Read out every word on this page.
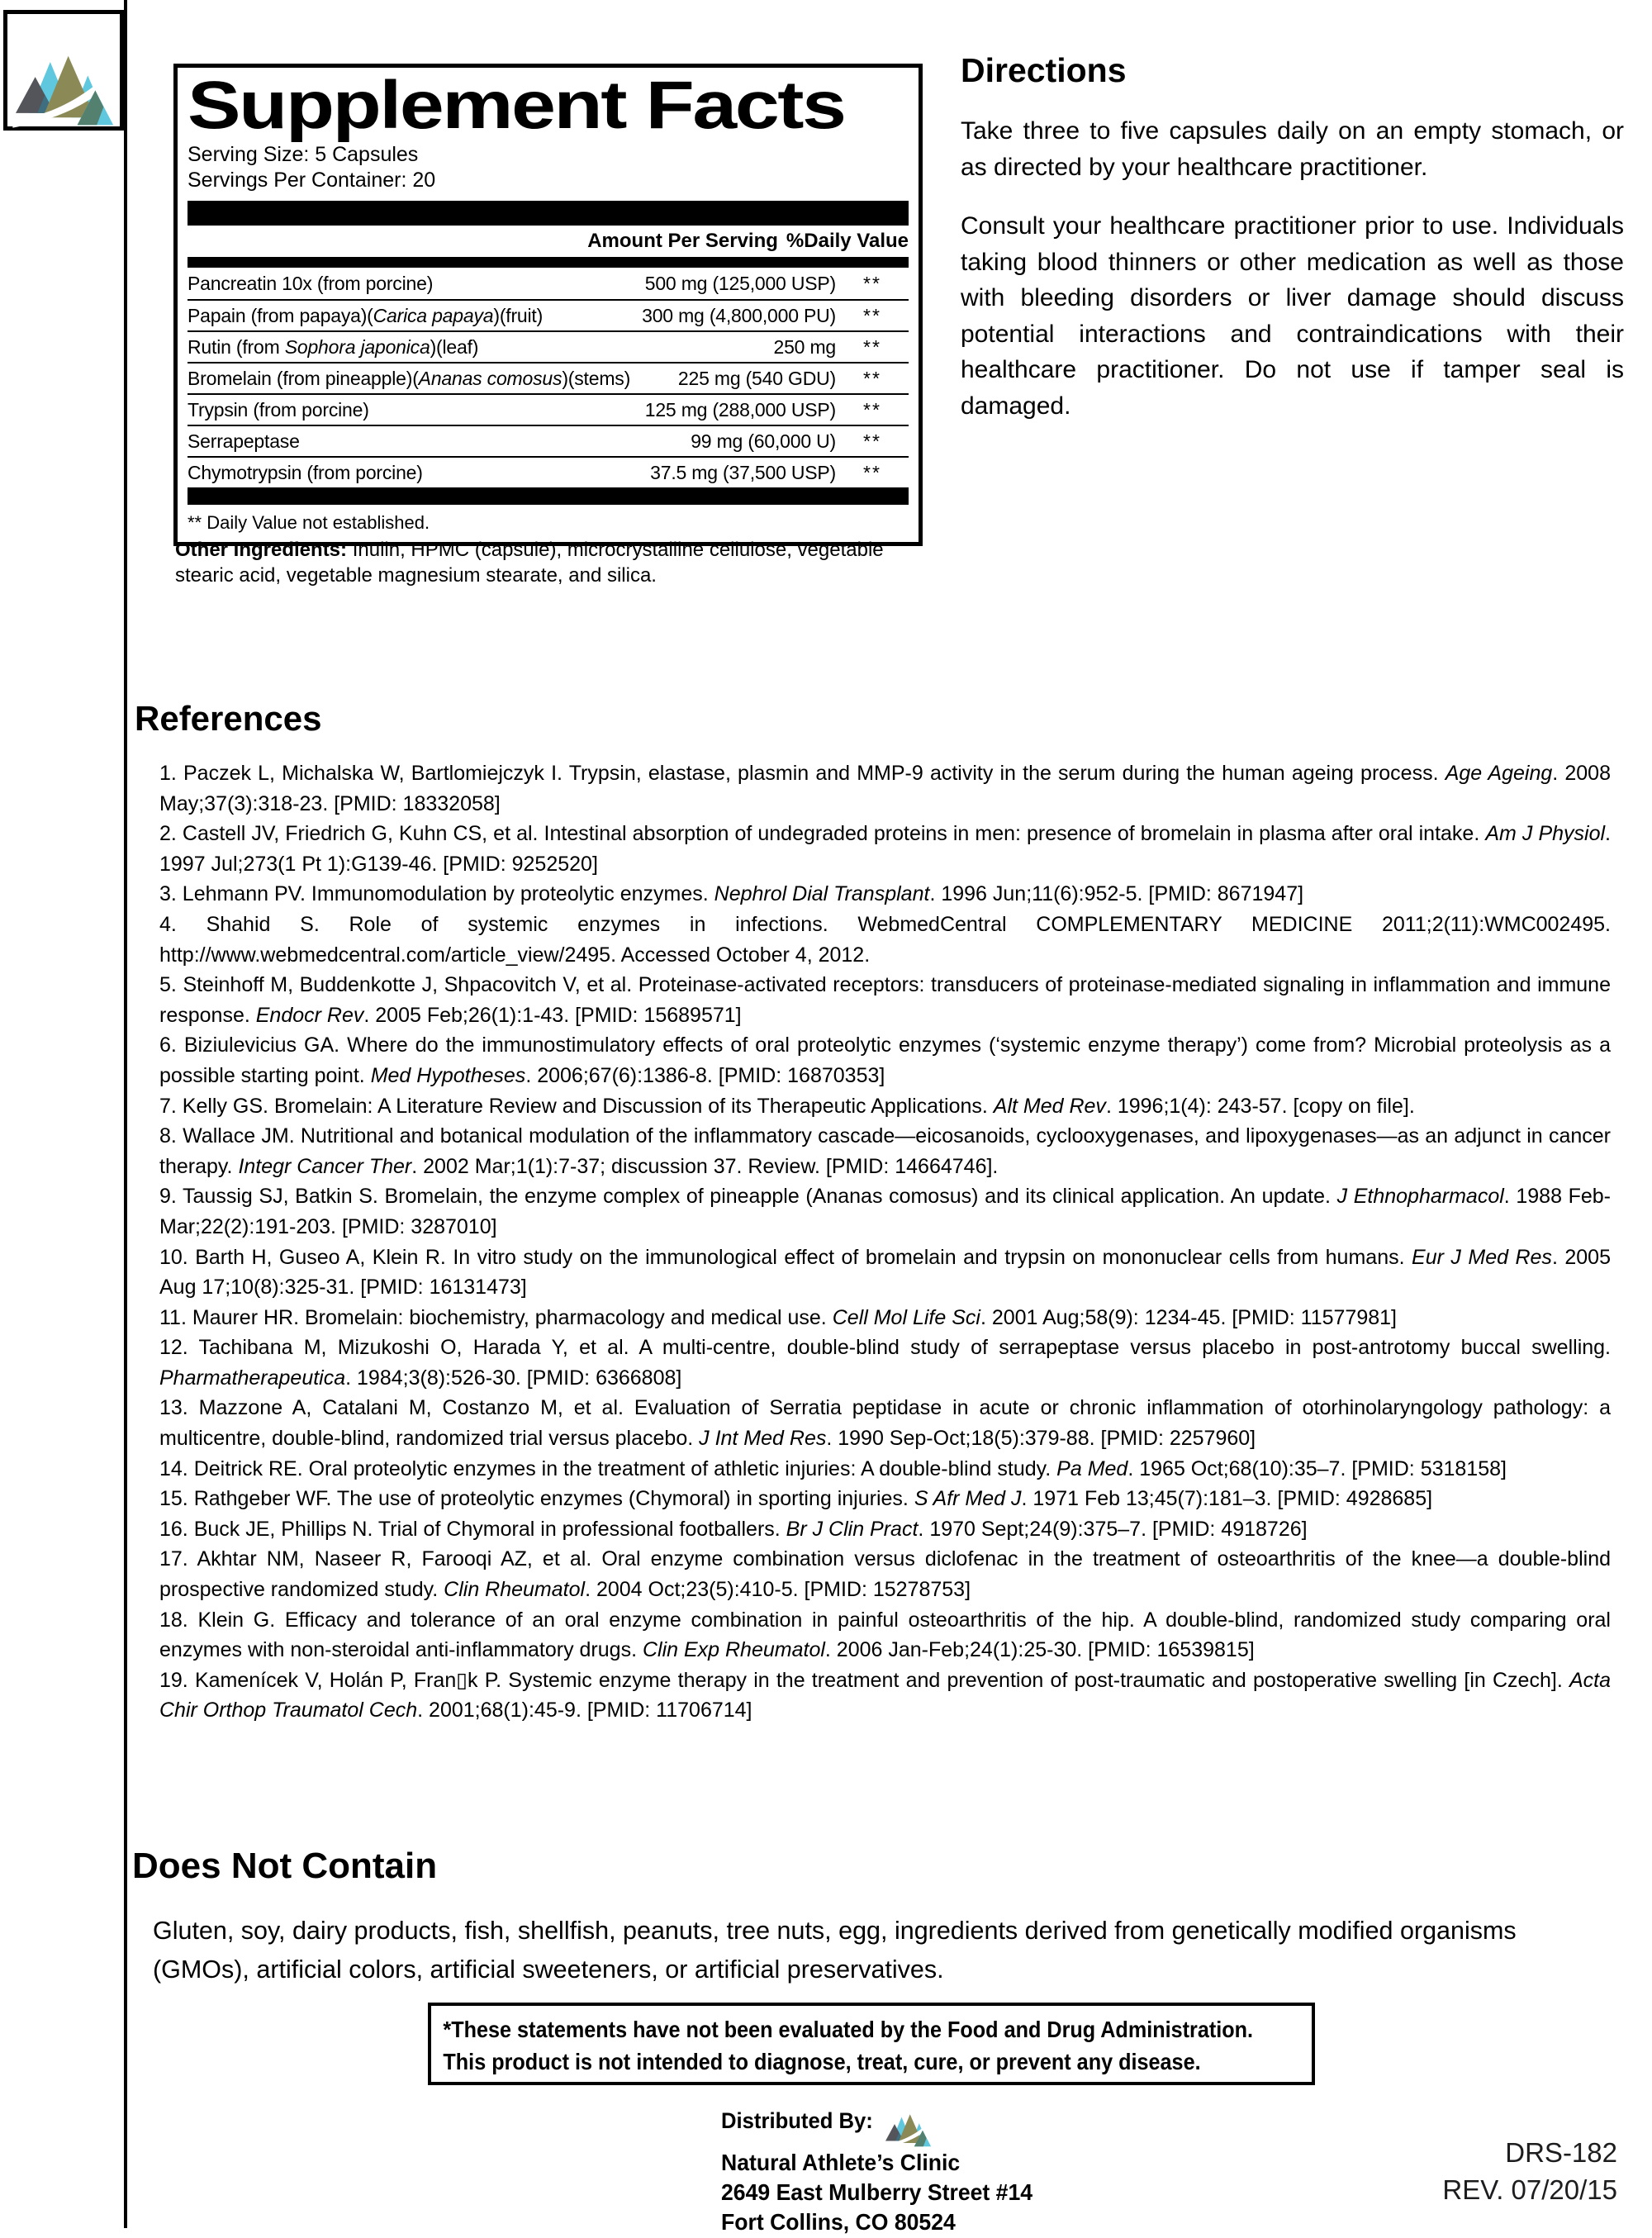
Supplement Facts
Serving Size: 5 Capsules
Servings Per Container: 20
Amount Per Serving %Daily Value
Pancreatin 10x (from porcine)	500 mg (125,000 USP)	**
Papain (from papaya)(Carica papaya)(fruit)	300 mg (4,800,000 PU)	**
Rutin (from Sophora japonica)(leaf)	250 mg	**
Bromelain (from pineapple)(Ananas comosus)(stems)	225 mg (540 GDU)	**
Trypsin (from porcine)	125 mg (288,000 USP)	**
Serrapeptase	99 mg (60,000 U)	**
Chymotrypsin (from porcine)	37.5 mg (37,500 USP)	**
** Daily Value not established.

Other Ingredients: Inulin, HPMC (capsule), microcrystalline cellulose, vegetable stearic acid, vegetable magnesium stearate, and silica.

Directions

Take three to five capsules daily on an empty stomach, or as directed by your healthcare practitioner.

Consult your healthcare practitioner prior to use. Individuals taking blood thinners or other medication as well as those with bleeding disorders or liver damage should discuss potential interactions and contraindications with their healthcare practitioner. Do not use if tamper seal is damaged.

References

1. Paczek L, Michalska W, Bartlomiejczyk I. Trypsin, elastase, plasmin and MMP-9 activity in the serum during the human ageing process. Age Ageing. 2008 May;37(3):318-23. [PMID: 18332058]

2. Castell JV, Friedrich G, Kuhn CS, et al. Intestinal absorption of undegraded proteins in men: presence of bromelain in plasma after oral intake. Am J Physiol. 1997 Jul;273(1 Pt 1):G139-46. [PMID: 9252520]

3. Lehmann PV. Immunomodulation by proteolytic enzymes. Nephrol Dial Transplant. 1996 Jun;11(6):952-5. [PMID: 8671947]

4. Shahid S. Role of systemic enzymes in infections. WebmedCentral COMPLEMENTARY MEDICINE 2011;2(11):WMC002495. http://www.webmedcentral.com/article_view/2495. Accessed October 4, 2012.

5. Steinhoff M, Buddenkotte J, Shpacovitch V, et al. Proteinase-activated receptors: transducers of proteinase-mediated signaling in inflammation and immune response. Endocr Rev. 2005 Feb;26(1):1-43. [PMID: 15689571]

6. Biziulevicius GA. Where do the immunostimulatory effects of oral proteolytic enzymes (‘systemic enzyme therapy’) come from? Microbial proteolysis as a possible starting point. Med Hypotheses. 2006;67(6):1386-8. [PMID: 16870353]

7. Kelly GS. Bromelain: A Literature Review and Discussion of its Therapeutic Applications. Alt Med Rev. 1996;1(4): 243-57. [copy on file].

8. Wallace JM. Nutritional and botanical modulation of the inflammatory cascade—eicosanoids, cyclooxygenases, and lipoxygenases—as an adjunct in cancer therapy. Integr Cancer Ther. 2002 Mar;1(1):7-37; discussion 37. Review. [PMID: 14664746].

9. Taussig SJ, Batkin S. Bromelain, the enzyme complex of pineapple (Ananas comosus) and its clinical application. An update. J Ethnopharmacol. 1988 Feb-Mar;22(2):191-203. [PMID: 3287010]

10. Barth H, Guseo A, Klein R. In vitro study on the immunological effect of bromelain and trypsin on mononuclear cells from humans. Eur J Med Res. 2005 Aug 17;10(8):325-31. [PMID: 16131473]

11. Maurer HR. Bromelain: biochemistry, pharmacology and medical use. Cell Mol Life Sci. 2001 Aug;58(9): 1234-45. [PMID: 11577981]

12. Tachibana M, Mizukoshi O, Harada Y, et al. A multi-centre, double-blind study of serrapeptase versus placebo in post-antrotomy buccal swelling. Pharmatherapeutica. 1984;3(8):526-30. [PMID: 6366808]

13. Mazzone A, Catalani M, Costanzo M, et al. Evaluation of Serratia peptidase in acute or chronic inflammation of otorhinolaryngology pathology: a multicentre, double-blind, randomized trial versus placebo. J Int Med Res. 1990 Sep-Oct;18(5):379-88. [PMID: 2257960]

14. Deitrick RE. Oral proteolytic enzymes in the treatment of athletic injuries: A double-blind study. Pa Med. 1965 Oct;68(10):35–7. [PMID: 5318158]

15. Rathgeber WF. The use of proteolytic enzymes (Chymoral) in sporting injuries. S Afr Med J. 1971 Feb 13;45(7):181–3. [PMID: 4928685]

16. Buck JE, Phillips N. Trial of Chymoral in professional footballers. Br J Clin Pract. 1970 Sept;24(9):375–7. [PMID: 4918726]

17. Akhtar NM, Naseer R, Farooqi AZ, et al. Oral enzyme combination versus diclofenac in the treatment of osteoarthritis of the knee—a double-blind prospective randomized study. Clin Rheumatol. 2004 Oct;23(5):410-5. [PMID: 15278753]

18. Klein G. Efficacy and tolerance of an oral enzyme combination in painful osteoarthritis of the hip. A double-blind, randomized study comparing oral enzymes with non-steroidal anti-inflammatory drugs. Clin Exp Rheumatol. 2006 Jan-Feb;24(1):25-30. [PMID: 16539815]

19. Kamenícek V, Holán P, Fran▯k P. Systemic enzyme therapy in the treatment and prevention of post-traumatic and postoperative swelling [in Czech]. Acta Chir Orthop Traumatol Cech. 2001;68(1):45-9. [PMID: 11706714]

Does Not Contain

Gluten, soy, dairy products, fish, shellfish, peanuts, tree nuts, egg, ingredients derived from genetically modified organisms (GMOs), artificial colors, artificial sweeteners, or artificial preservatives.

*These statements have not been evaluated by the Food and Drug Administration.
This product is not intended to diagnose, treat, cure, or prevent any disease.
Distributed By:
Natural Athlete’s Clinic
2649 East Mulberry Street #14
Fort Collins, CO 80524
DRS-182
REV. 07/20/15
